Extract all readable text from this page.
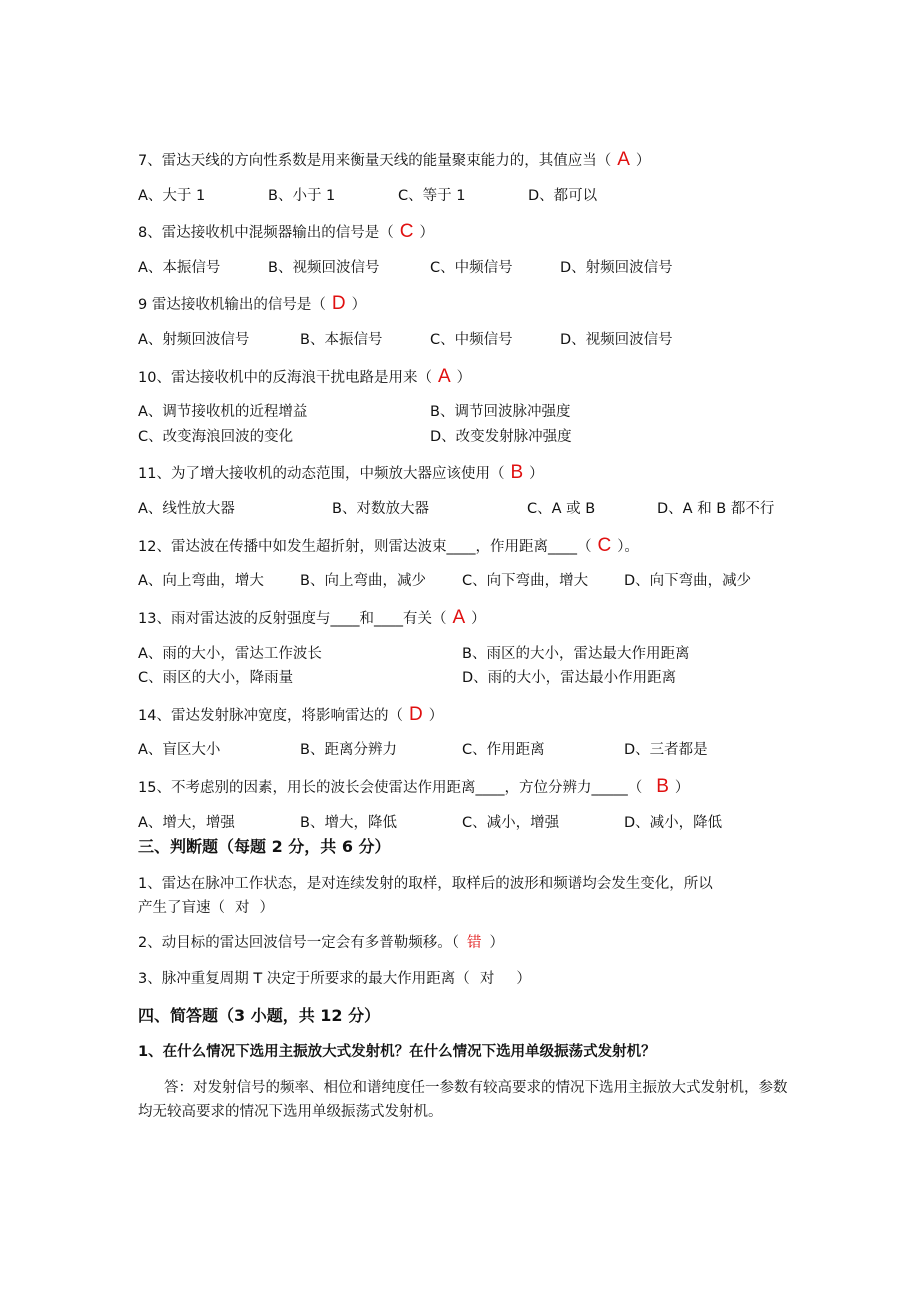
7、雷达天线的方向性系数是用来衡量天线的能量聚束能力的，其值应当（ A ）
A、大于 1	B、小于 1	C、等于 1	D、都可以
8、雷达接收机中混频器输出的信号是（ C ）
A、本振信号	B、视频回波信号	C、中频信号	D、射频回波信号
9 雷达接收机输出的信号是（ D ）
A、射频回波信号	B、本振信号	C、中频信号	D、视频回波信号
10、雷达接收机中的反海浪干扰电路是用来（ A ）
A、调节接收机的近程增益	B、调节回波脉冲强度
C、改变海浪回波的变化	D、改变发射脉冲强度
11、为了增大接收机的动态范围，中频放大器应该使用（ B ）
A、线性放大器	B、对数放大器	C、A 或 B	D、A 和 B 都不行
12、雷达波在传播中如发生超折射，则雷达波束____，作用距离____（ C ）。
A、向上弯曲，增大 B、向上弯曲，减少 C、向下弯曲，增大 D、向下弯曲，减少
13、雨对雷达波的反射强度与____和____有关（ A ）
A、雨的大小，雷达工作波长	B、雨区的大小，雷达最大作用距离
C、雨区的大小，降雨量	D、雨的大小，雷达最小作用距离
14、雷达发射脉冲宽度，将影响雷达的（ D ）
A、盲区大小	B、距离分辨力	C、作用距离	D、三者都是
15、不考虑别的因素，用长的波长会使雷达作用距离____，方位分辨力_____（ B ）
A、增大，增强	B、增大，降低	C、减小，增强	D、减小，降低
三、判断题（每题 2 分，共 6 分）
1、雷达在脉冲工作状态，是对连续发射的取样，取样后的波形和频谱均会发生变化，所以
产生了盲速（ 对 ）
2、动目标的雷达回波信号一定会有多普勒频移。（ 错 ）
3、脉冲重复周期 T 决定于所要求的最大作用距离（ 对 ）
四、简答题（3 小题，共 12 分）
1、在什么情况下选用主振放大式发射机？在什么情况下选用单级振荡式发射机？
答：对发射信号的频率、相位和谱纯度任一参数有较高要求的情况下选用主振放大式发射机，参数均无较高要求的情况下选用单级振荡式发射机。
